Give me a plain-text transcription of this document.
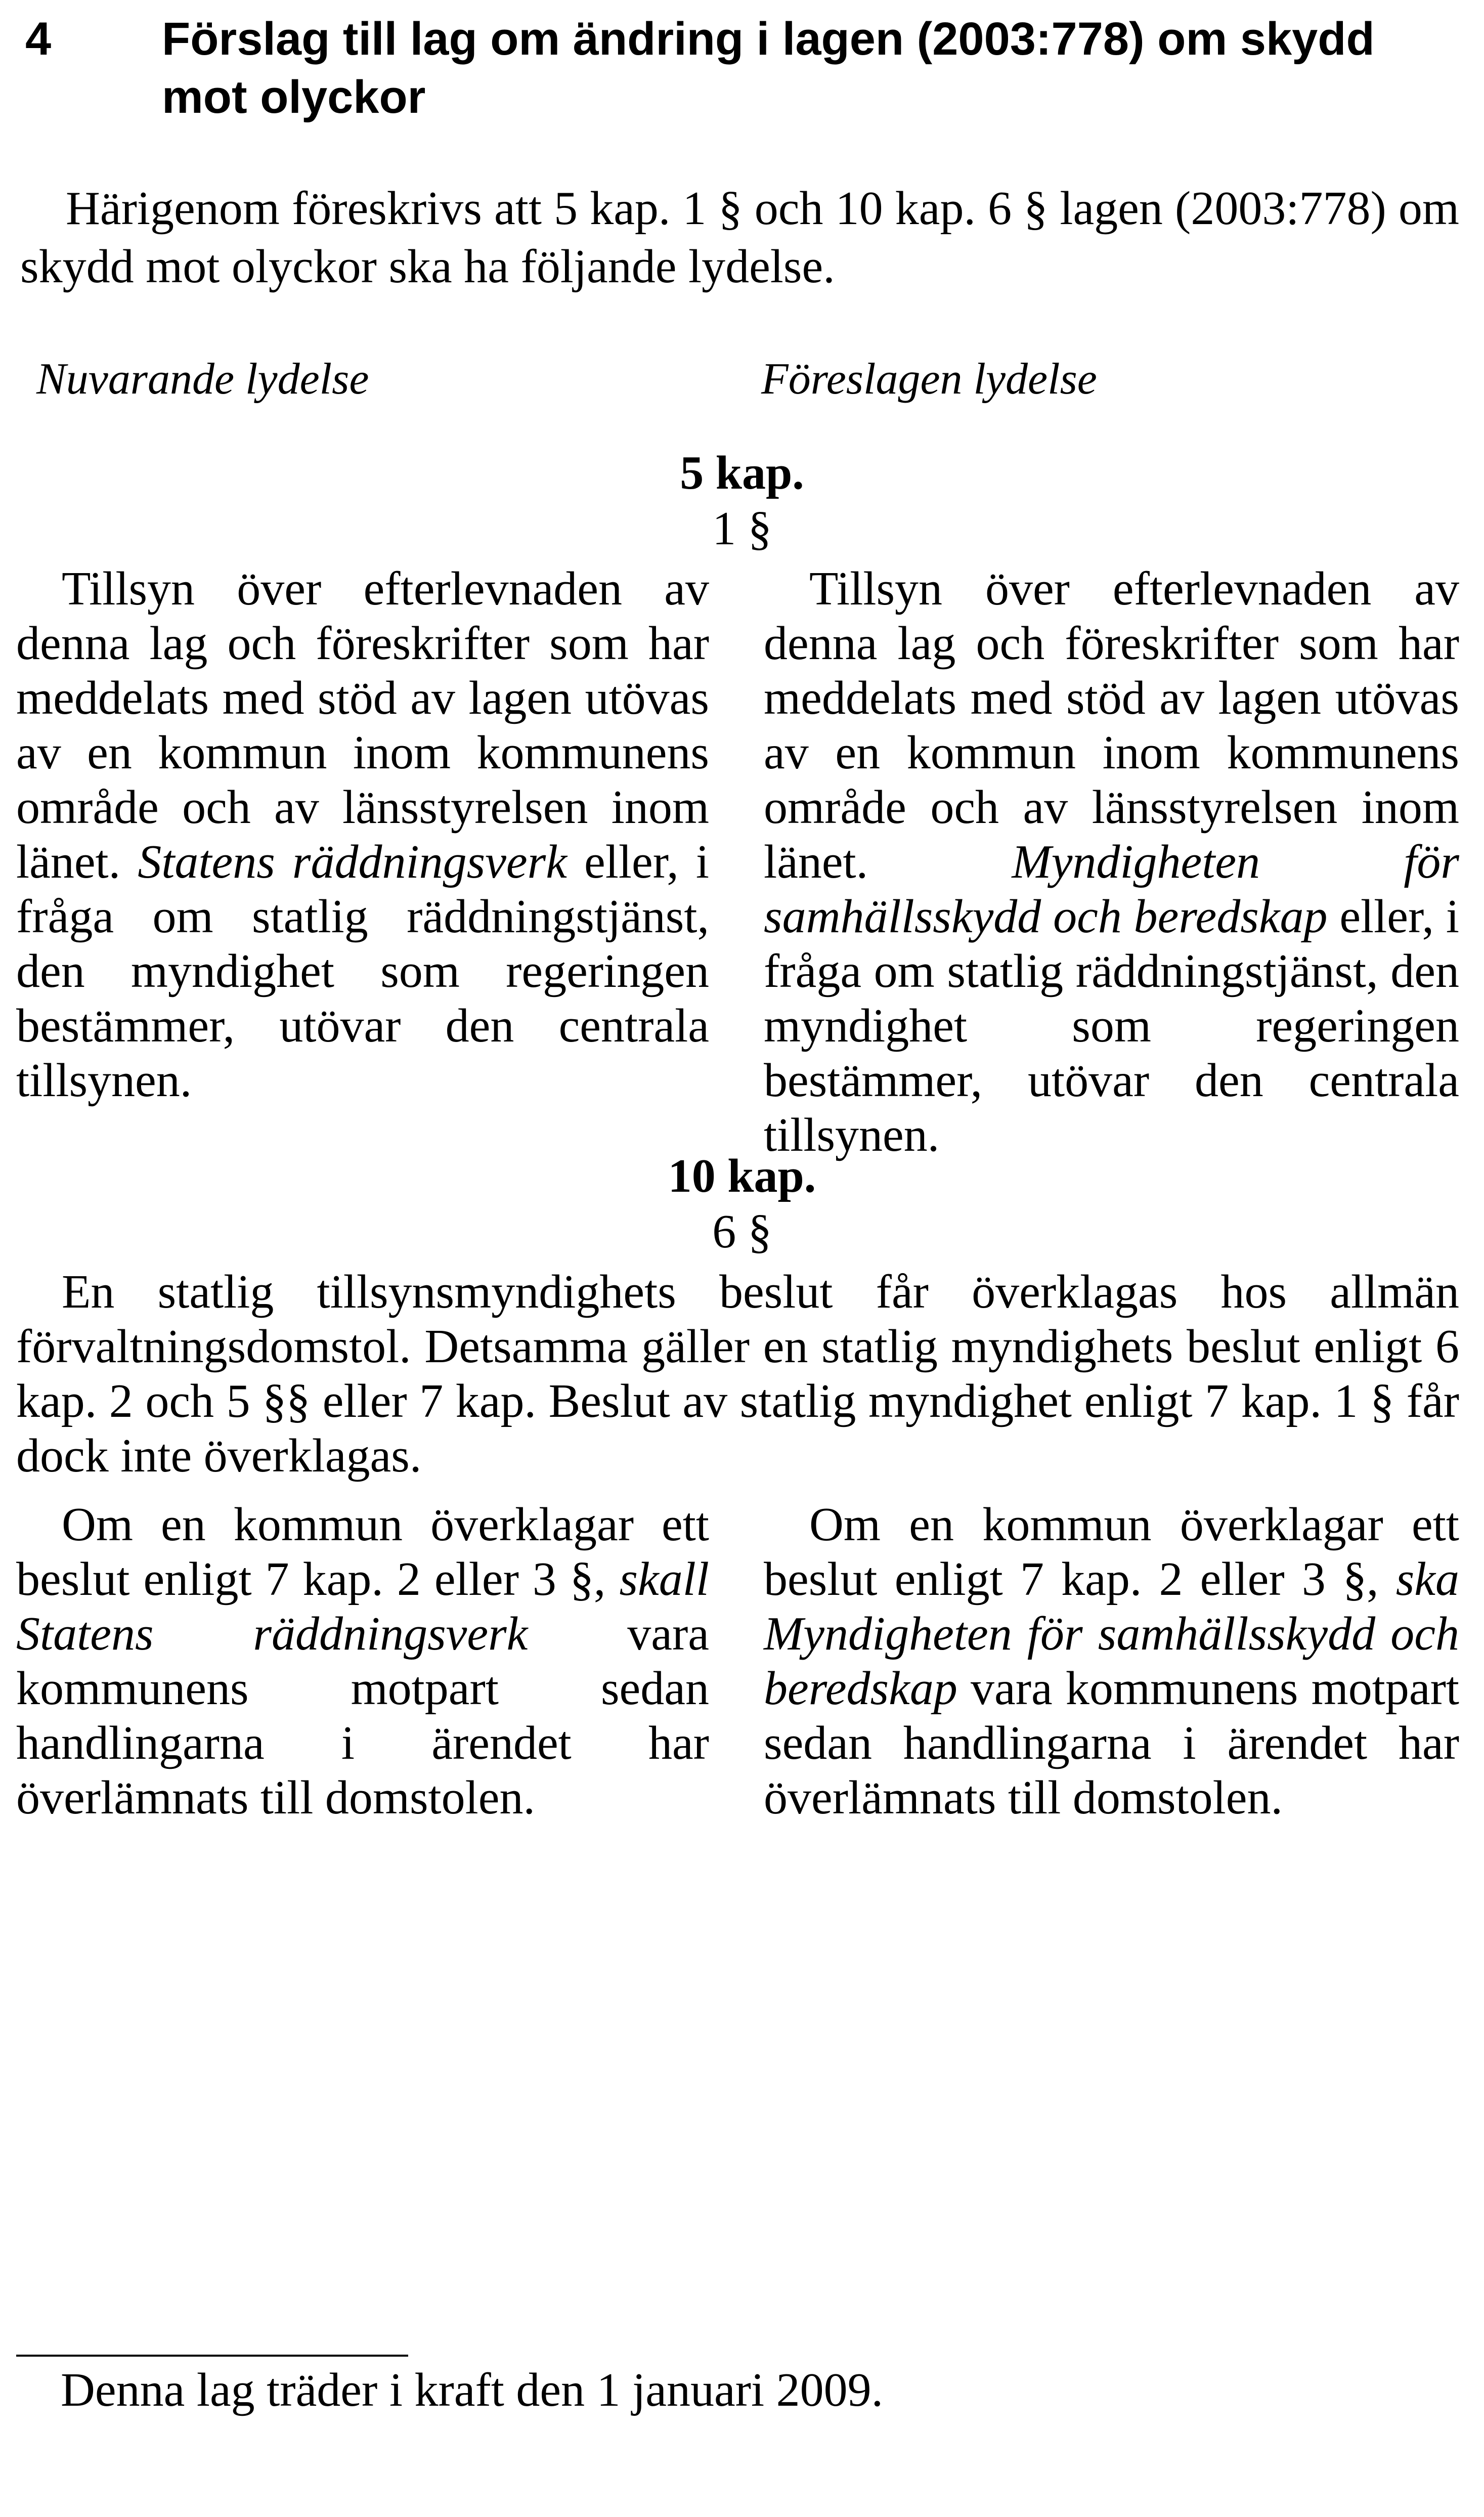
4 Förslag till lag om ändring i lagen (2003:778) om skydd mot olyckor
Härigenom föreskrivs att 5 kap. 1 § och 10 kap. 6 § lagen (2003:778) om skydd mot olyckor ska ha följande lydelse.
Nuvarande lydelse	Föreslagen lydelse
5 kap.
1 §

Tillsyn över efterlevnaden av denna lag och föreskrifter som har meddelats med stöd av lagen utövas av en kommun inom kommunens område och av länsstyrelsen inom länet. Statens räddningsverk eller, i fråga om statlig räddningstjänst, den myndighet som regeringen bestämmer, utövar den centrala tillsynen.

Tillsyn över efterlevnaden av denna lag och föreskrifter som har meddelats med stöd av lagen utövas av en kommun inom kommunens område och av länsstyrelsen inom länet. Myndigheten för samhällsskydd och beredskap eller, i fråga om statlig räddningstjänst, den myndighet som regeringen bestämmer, utövar den centrala tillsynen.

10 kap.
6 §
En statlig tillsynsmyndighets beslut får överklagas hos allmän förvaltningsdomstol. Detsamma gäller en statlig myndighets beslut enligt 6 kap. 2 och 5 §§ eller 7 kap. Beslut av statlig myndighet enligt 7 kap. 1 § får dock inte överklagas.

Om en kommun överklagar ett beslut enligt 7 kap. 2 eller 3 §, skall Statens räddningsverk vara kommunens motpart sedan handlingarna i ärendet har överlämnats till domstolen.

Om en kommun överklagar ett beslut enligt 7 kap. 2 eller 3 §, ska Myndigheten för samhällsskydd och beredskap vara kommunens motpart sedan handlingarna i ärendet har överlämnats till domstolen.

Denna lag träder i kraft den 1 januari 2009.
